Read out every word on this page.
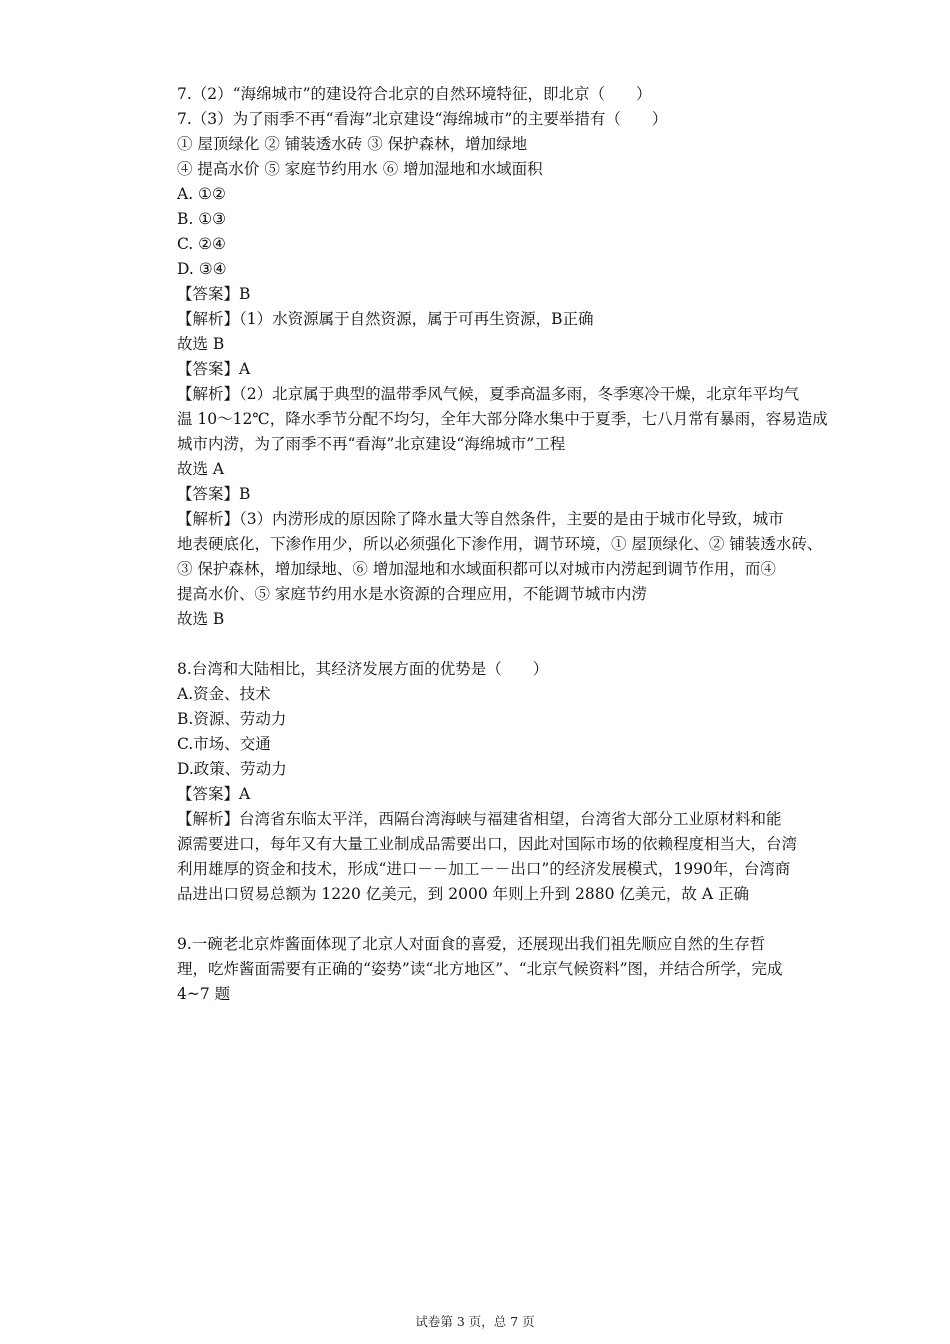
7.（2）“海绵城市”的建设符合北京的自然环境特征，即北京（　　）
7.（3）为了雨季不再“看海”北京建设“海绵城市”的主要举措有（　　）
① 屋顶绿化 ② 铺装透水砖 ③ 保护森林，增加绿地
④ 提高水价 ⑤ 家庭节约用水 ⑥ 增加湿地和水域面积
A. ①②
B. ①③
C. ②④
D. ③④
【答案】B
【解析】（1）水资源属于自然资源，属于可再生资源，B正确
故选 B
【答案】A
【解析】（2）北京属于典型的温带季风气候，夏季高温多雨，冬季寒冷干燥，北京年平均气
温 10～12℃，降水季节分配不均匀，全年大部分降水集中于夏季，七八月常有暴雨，容易造成
城市内涝，为了雨季不再“看海”北京建设“海绵城市”工程
故选 A
【答案】B
【解析】（3）内涝形成的原因除了降水量大等自然条件，主要的是由于城市化导致，城市
地表硬底化，下渗作用少，所以必须强化下渗作用，调节环境，① 屋顶绿化、② 铺装透水砖、
③ 保护森林，增加绿地、⑥ 增加湿地和水域面积都可以对城市内涝起到调节作用，而④
提高水价、⑤ 家庭节约用水是水资源的合理应用，不能调节城市内涝
故选 B
8.台湾和大陆相比，其经济发展方面的优势是（　　）
A.资金、技术
B.资源、劳动力
C.市场、交通
D.政策、劳动力
【答案】A
【解析】台湾省东临太平洋，西隔台湾海峡与福建省相望，台湾省大部分工业原材料和能
源需要进口，每年又有大量工业制成品需要出口，因此对国际市场的依赖程度相当大，台湾
利用雄厚的资金和技术，形成“进口－－加工－－出口”的经济发展模式，1990年，台湾商
品进出口贸易总额为 1220 亿美元，到 2000 年则上升到 2880 亿美元，故 A 正确
9.一碗老北京炸酱面体现了北京人对面食的喜爱，还展现出我们祖先顺应自然的生存哲
理，吃炸酱面需要有正确的“姿势”读“北方地区”、“北京气候资料”图，并结合所学，完成
4~7 题
试卷第 3 页，总 7 页
